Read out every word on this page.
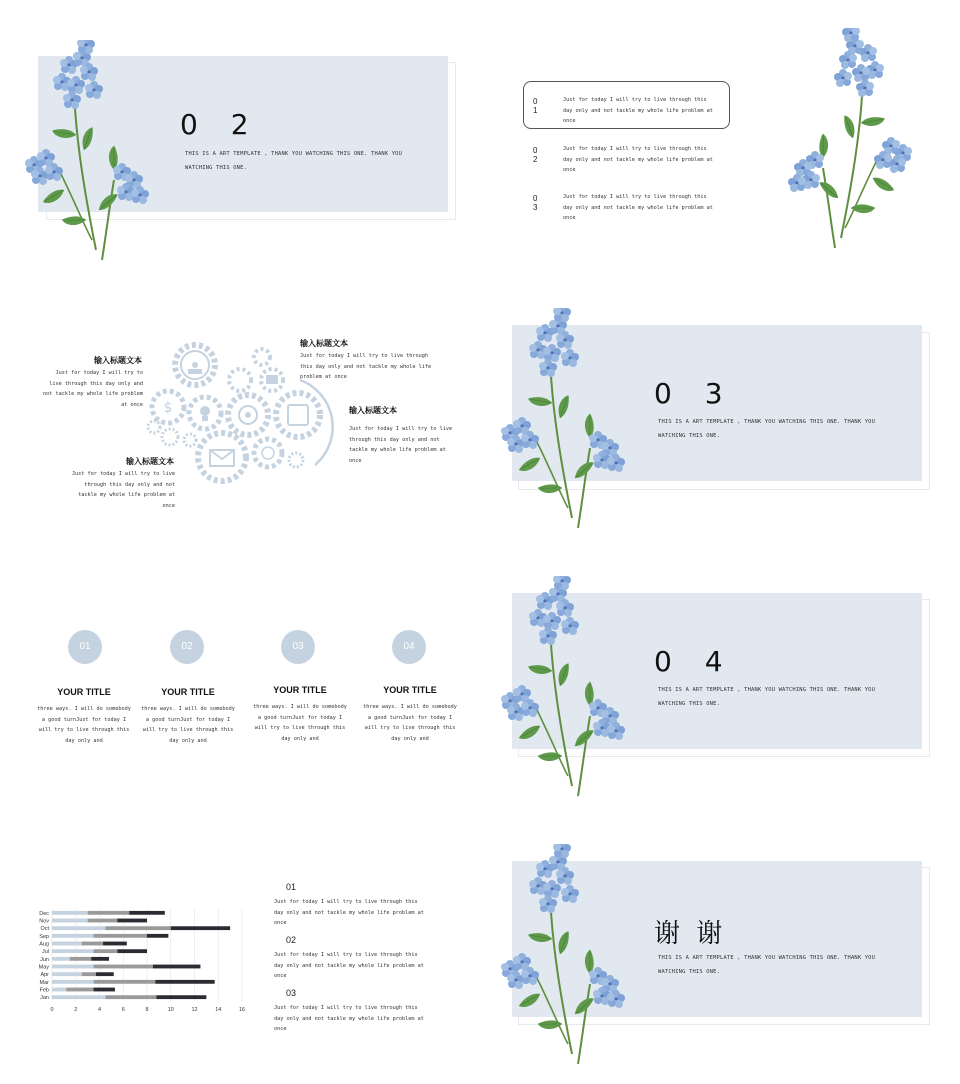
0 2
THIS IS A ART TEMPLATE , THANK YOU WATCHING THIS ONE. THANK YOU WATCHING THIS ONE.
0 1
Just for today I will try to live through this day only and not tackle my whole life problem at once
0 2
Just for today I will try to live through this day only and not tackle my whole life problem at once
0 3
Just for today I will try to live through this day only and not tackle my whole life problem at once
输入标题文本
Just for today I will try to live through this day only and not tackle my whole life problem at once
输入标题文本
Just for today I will try to live through this day only and not tackle my whole life problem at once
输入标题文本
Just for today I will try to live through this day only and not tackle my whole life problem at once
输入标题文本
Just for today I will try to live through this day only and not tackle my whole life problem at once
$	0 3
THIS IS A ART TEMPLATE , THANK YOU WATCHING THIS ONE. THANK YOU WATCHING THIS ONE.
01
YOUR TITLE
three ways. I will do somebody a good turnJust for today I will try to live through this day only and
02
YOUR TITLE
three ways. I will do somebody a good turnJust for today I will try to live through this day only and
03
YOUR TITLE
three ways. I will do somebody a good turnJust for today I will try to live through this day only and
04
YOUR TITLE
three ways. I will do somebody a good turnJust for today I will try to live through this day only and
0 4
THIS IS A ART TEMPLATE , THANK YOU WATCHING THIS ONE. THANK YOU WATCHING THIS ONE.
0	2	4	6	8	10	12	14	16
Jan
Feb
Mar
Apr
May
Jun
Jul
Aug
Sep
Oct
Nov
Dec
01
Just for today I will try to live through this day only and not tackle my whole life problem at once
02
Just for today I will try to live through this day only and not tackle my whole life problem at once
03
Just for today I will try to live through this day only and not tackle my whole life problem at once
谢 谢
THIS IS A ART TEMPLATE , THANK YOU WATCHING THIS ONE. THANK YOU WATCHING THIS ONE.
